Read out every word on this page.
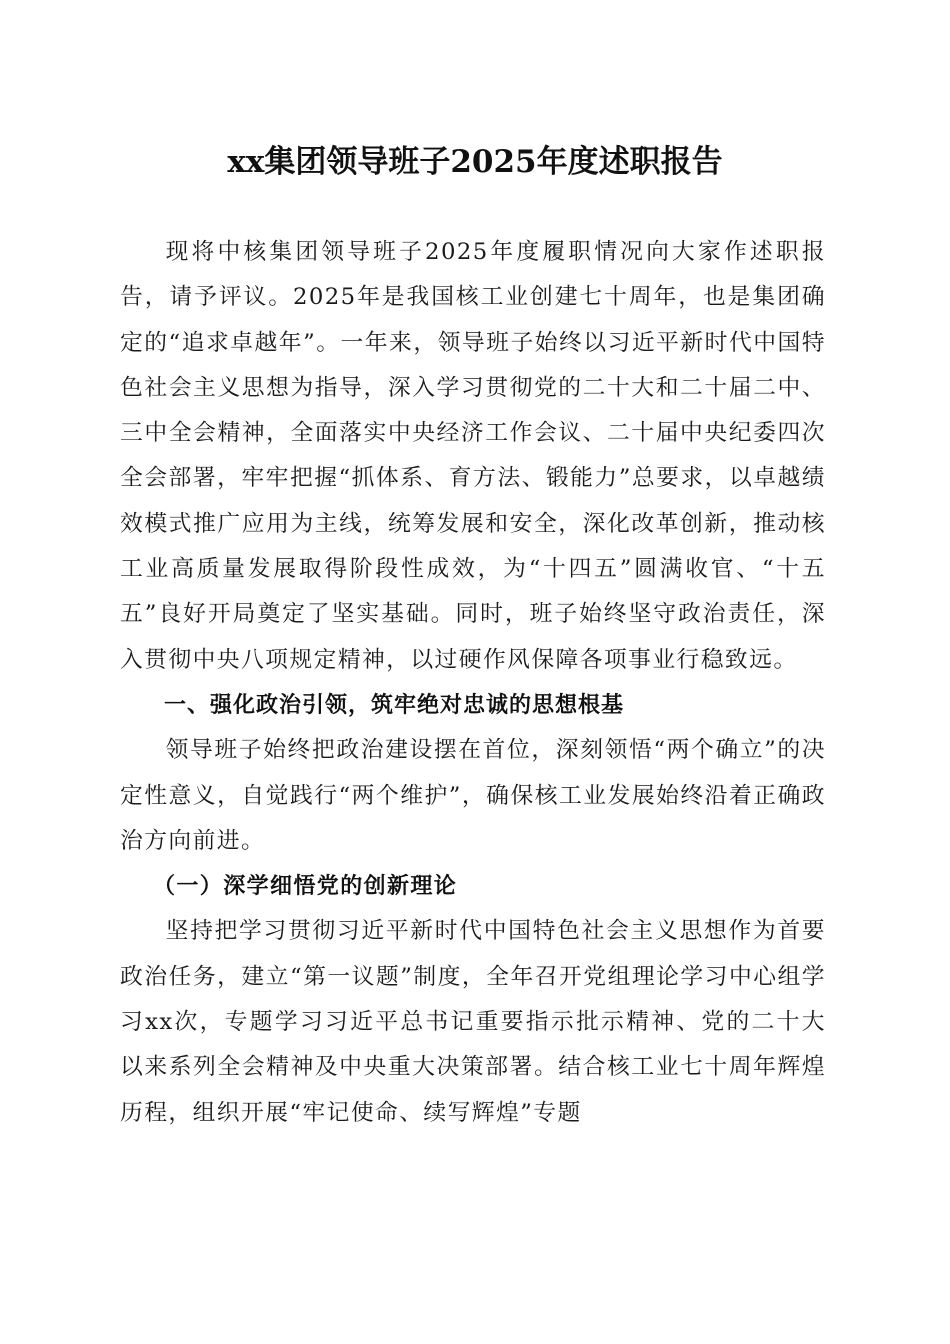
xx集团领导班子2025年度述职报告

现将中核集团领导班子2025年度履职情况向大家作述职报告，请予评议。2025年是我国核工业创建七十周年，也是集团确定的“追求卓越年”。一年来，领导班子始终以习近平新时代中国特色社会主义思想为指导，深入学习贯彻党的二十大和二十届二中、三中全会精神，全面落实中央经济工作会议、二十届中央纪委四次全会部署，牢牢把握“抓体系、育方法、锻能力”总要求，以卓越绩效模式推广应用为主线，统筹发展和安全，深化改革创新，推动核工业高质量发展取得阶段性成效，为“十四五”圆满收官、“十五五”良好开局奠定了坚实基础。同时，班子始终坚守政治责任，深入贯彻中央八项规定精神，以过硬作风保障各项事业行稳致远。

一、强化政治引领，筑牢绝对忠诚的思想根基

领导班子始终把政治建设摆在首位，深刻领悟“两个确立”的决定性意义，自觉践行“两个维护”，确保核工业发展始终沿着正确政治方向前进。

（一）深学细悟党的创新理论

坚持把学习贯彻习近平新时代中国特色社会主义思想作为首要政治任务，建立“第一议题”制度，全年召开党组理论学习中心组学习xx次，专题学习习近平总书记重要指示批示精神、党的二十大以来系列全会精神及中央重大决策部署。结合核工业七十周年辉煌历程，组织开展“牢记使命、续写辉煌”专题
